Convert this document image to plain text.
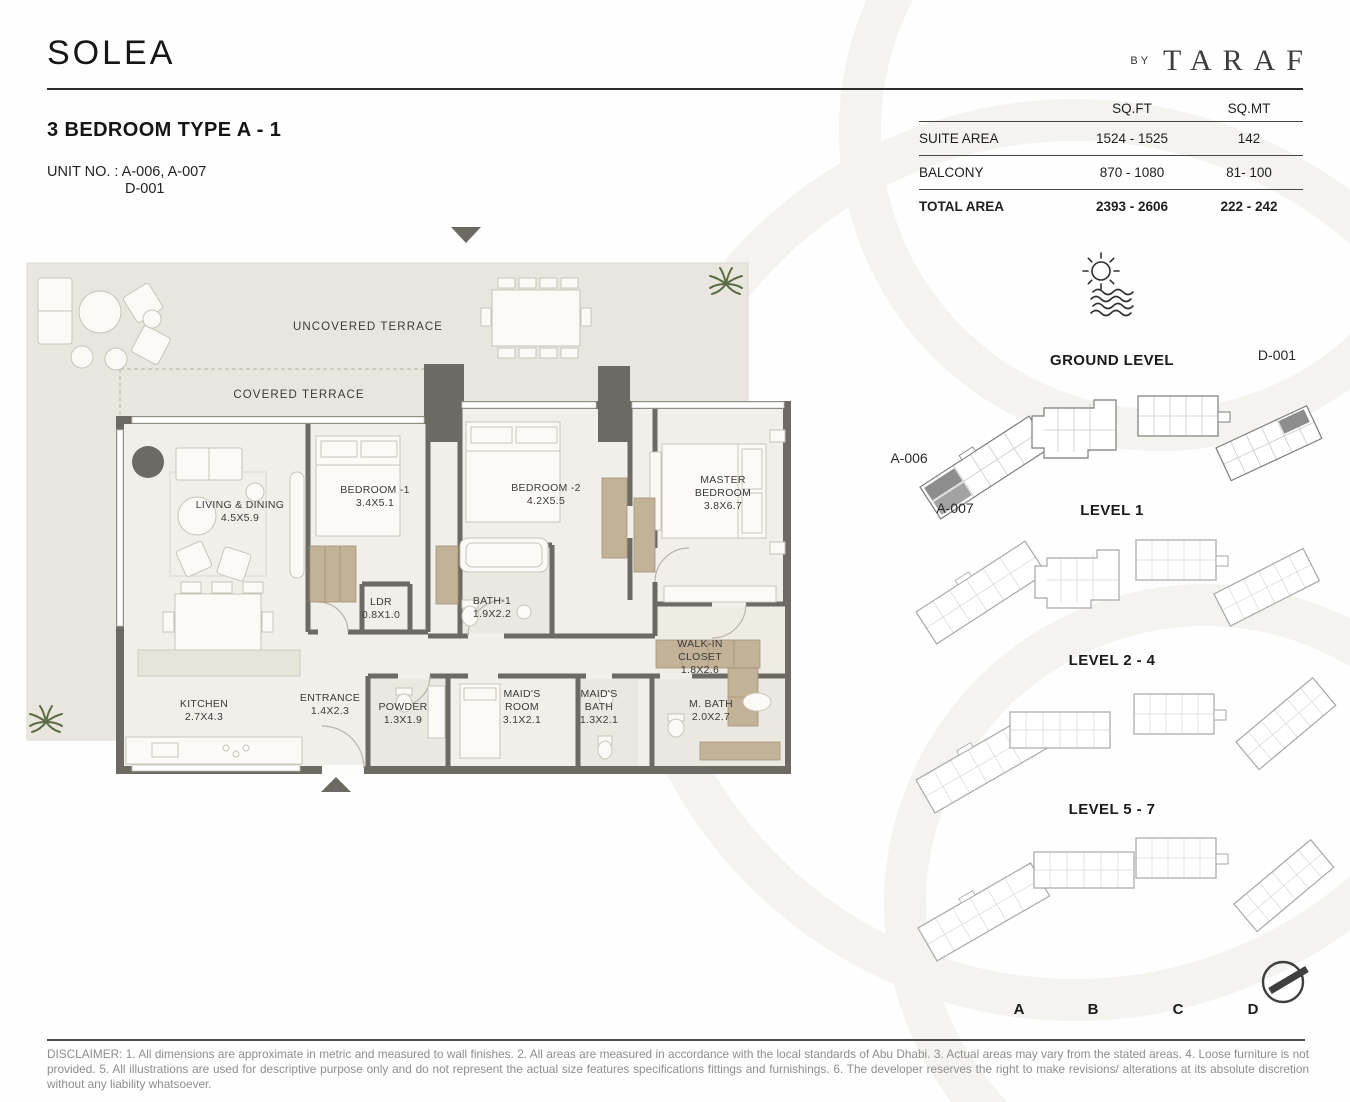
SOLEA	BY TARAF
3 BEDROOM TYPE A - 1
UNIT NO. : A-006, A-007
D-001
SQ.FT	SQ.MT
SUITE AREA	1524 - 1525	142
BALCONY	870 - 1080	81- 100
TOTAL AREA	2393 - 2606	222 - 242
UNCOVERED TERRACE
COVERED TERRACE
LIVING & DINING
4.5X5.9
BEDROOM -1
3.4X5.1
BEDROOM -2
4.2X5.5
MASTER
BEDROOM
3.8X6.7
LDR
0.8X1.0
BATH-1
1.9X2.2
WALK-IN
CLOSET
1.8X2.6
KITCHEN
2.7X4.3
ENTRANCE
1.4X2.3	POWDER
1.3X1.9
MAID'S
ROOM
3.1X2.1
MAID'S
BATH
1.3X2.1
M. BATH
2.0X2.7
GROUND LEVEL	D-001
A-006
A-007	LEVEL 1
LEVEL 2 - 4
LEVEL 5 - 7
A	B	C	D
DISCLAIMER: 1. All dimensions are approximate in metric and measured to wall finishes. 2. All areas are measured in accordance with the local standards of Abu Dhabi. 3. Actual areas may vary from the stated areas. 4. Loose furniture is not provided. 5. All illustrations are used for descriptive purpose only and do not represent the actual size features specifications fittings and furnishings. 6. The developer reserves the right to make revisions/ alterations at its absolute discretion without any liability whatsoever.
